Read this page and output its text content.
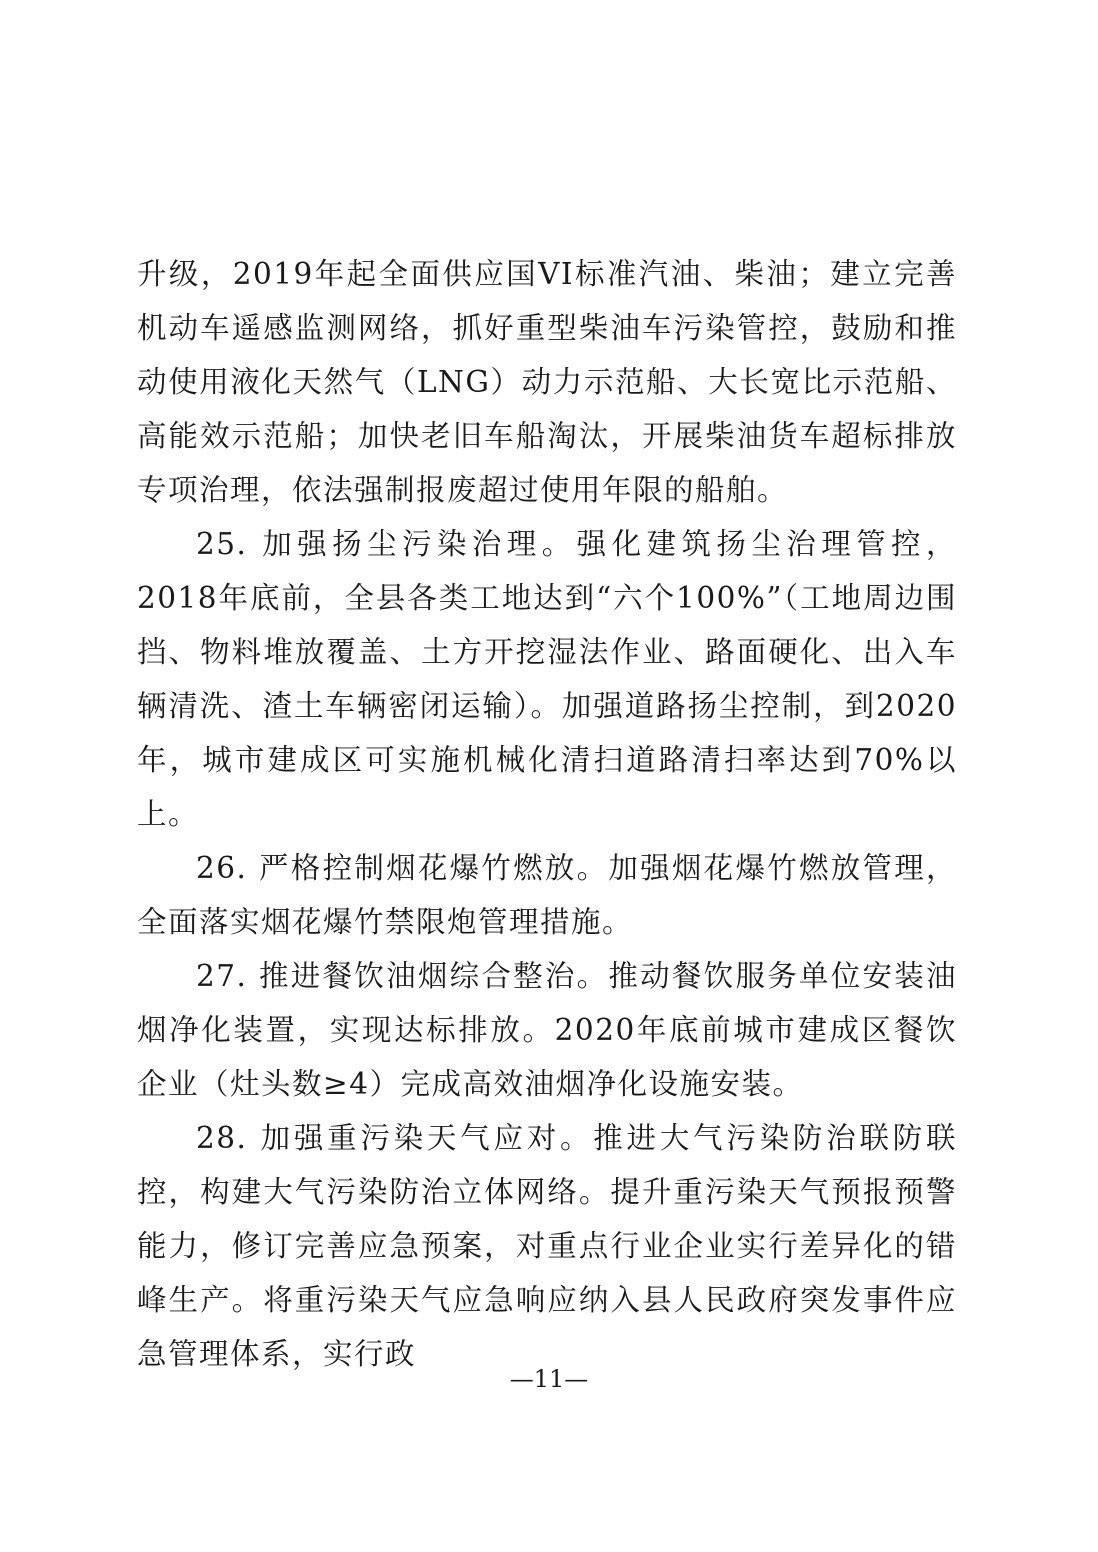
升级，2019年起全面供应国VI标准汽油、柴油；建立完善机动车遥感监测网络，抓好重型柴油车污染管控，鼓励和推动使用液化天然气（LNG）动力示范船、大长宽比示范船、高能效示范船；加快老旧车船淘汰，开展柴油货车超标排放专项治理，依法强制报废超过使用年限的船舶。

25. 加强扬尘污染治理。强化建筑扬尘治理管控，2018年底前，全县各类工地达到“六个100%”（工地周边围挡、物料堆放覆盖、土方开挖湿法作业、路面硬化、出入车辆清洗、渣土车辆密闭运输）。加强道路扬尘控制，到2020年，城市建成区可实施机械化清扫道路清扫率达到70%以上。

26. 严格控制烟花爆竹燃放。加强烟花爆竹燃放管理，全面落实烟花爆竹禁限炮管理措施。

27. 推进餐饮油烟综合整治。推动餐饮服务单位安装油烟净化装置，实现达标排放。2020年底前城市建成区餐饮企业（灶头数≥4）完成高效油烟净化设施安装。

28. 加强重污染天气应对。推进大气污染防治联防联控，构建大气污染防治立体网络。提升重污染天气预报预警能力，修订完善应急预案，对重点行业企业实行差异化的错峰生产。将重污染天气应急响应纳入县人民政府突发事件应急管理体系，实行政

—11—
